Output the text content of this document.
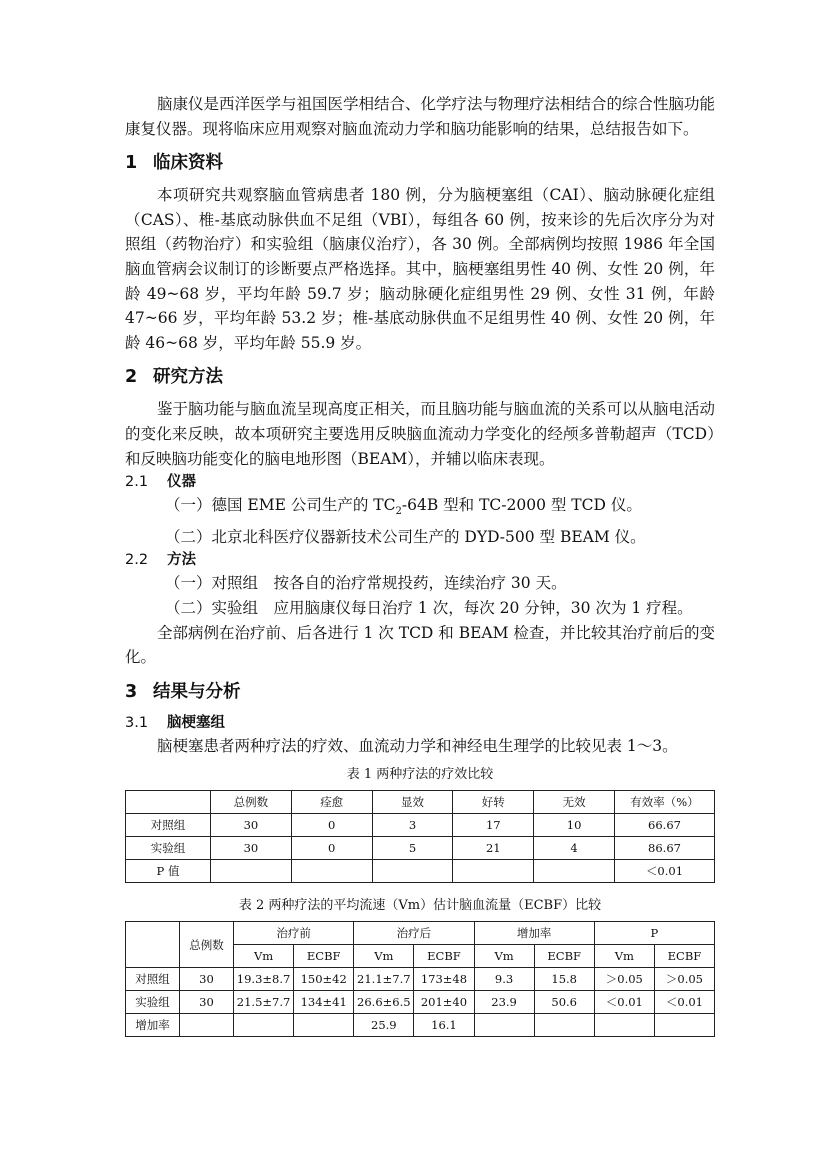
脑康仪是西洋医学与祖国医学相结合、化学疗法与物理疗法相结合的综合性脑功能康复仪器。现将临床应用观察对脑血流动力学和脑功能影响的结果，总结报告如下。

1 临床资料

本项研究共观察脑血管病患者 180 例，分为脑梗塞组（CAI）、脑动脉硬化症组（CAS）、椎-基底动脉供血不足组（VBI），每组各 60 例，按来诊的先后次序分为对照组（药物治疗）和实验组（脑康仪治疗），各 30 例。全部病例均按照 1986 年全国脑血管病会议制订的诊断要点严格选择。其中，脑梗塞组男性 40 例、女性 20 例，年龄 49~68 岁，平均年龄 59.7 岁；脑动脉硬化症组男性 29 例、女性 31 例，年龄 47~66 岁，平均年龄 53.2 岁；椎-基底动脉供血不足组男性 40 例、女性 20 例，年龄 46~68 岁，平均年龄 55.9 岁。

2 研究方法

鉴于脑功能与脑血流呈现高度正相关，而且脑功能与脑血流的关系可以从脑电活动的变化来反映，故本项研究主要选用反映脑血流动力学变化的经颅多普勒超声（TCD）和反映脑功能变化的脑电地形图（BEAM），并辅以临床表现。

2.1 仪器

（一）德国 EME 公司生产的 $TC_2-64B$ 型和 TC-2000 型 TCD 仪。

（二）北京北科医疗仪器新技术公司生产的 DYD-500 型 BEAM 仪。

2.2 方法

（一）对照组　按各自的治疗常规投药，连续治疗 30 天。

（二）实验组　应用脑康仪每日治疗 1 次，每次 20 分钟，30 次为 1 疗程。

全部病例在治疗前、后各进行 1 次 TCD 和 BEAM 检查，并比较其治疗前后的变化。

3 结果与分析
3.1 脑梗塞组

脑梗塞患者两种疗法的疗效、血流动力学和神经电生理学的比较见表 1～3。

表 1 两种疗法的疗效比较
	总例数	痊愈	显效	好转	无效	有效率（%）
对照组	30	0	3	17	10	66.67
实验组	30	0	5	21	4	86.67
P 值						＜0.01
表 2 两种疗法的平均流速（Vm）估计脑血流量（ECBF）比较
	总例数	治疗前		治疗后		增加率		P	
		Vm	ECBF	Vm	ECBF	Vm	ECBF	Vm	ECBF
对照组	30	19.3±8.7	150±42	21.1±7.7	173±48	9.3	15.8	＞0.05	＞0.05
实验组	30	21.5±7.7	134±41	26.6±6.5	201±40	23.9	50.6	＜0.01	＜0.01
增加率				25.9	16.1				
